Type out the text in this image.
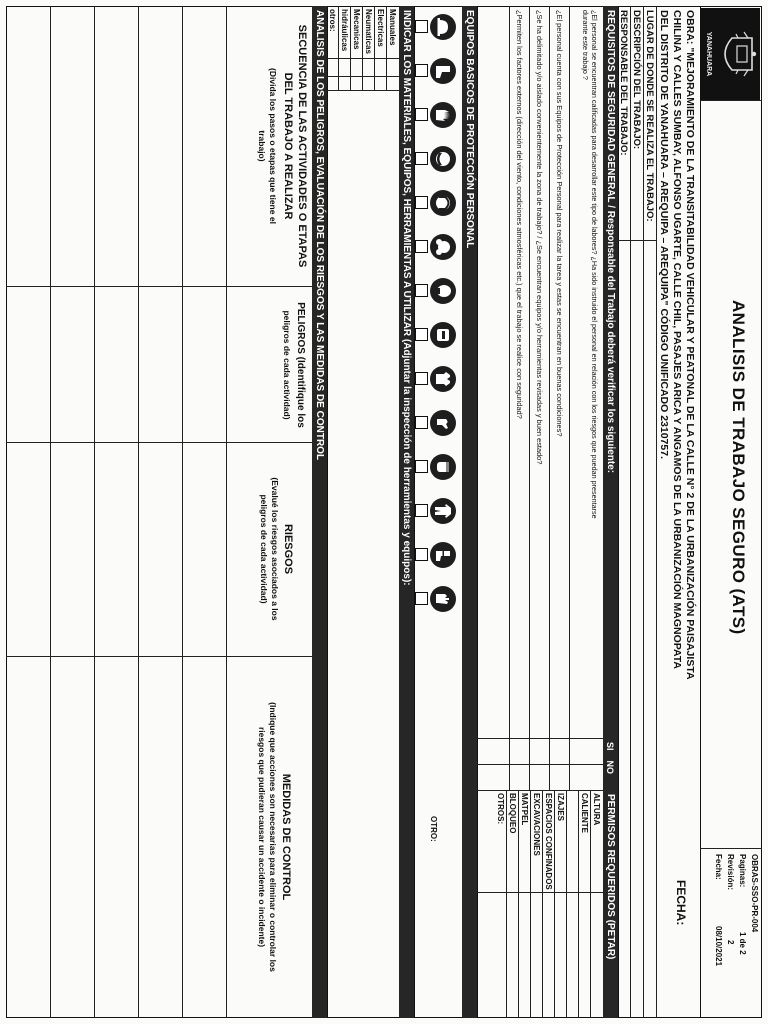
YANAHUARA
ANALISIS DE TRABAJO SEGURO (ATS)
OBRAS-SSO-PR-004
Paginas:
1 de 2
Revisión:
2
Fecha:
08/10/2021
OBRA: "MEJORAMIENTO DE LA TRANSITABILIDAD VEHICULAR Y PEATONAL DE LA CALLE N° 2 DE LA URBANIZACIÓN PAISAJISTA
CHILINA Y CALLES SUMBAY, ALFONSO UGARTE, CALLE CHIL, PASAJES ARICA Y ANGAMOS DE LA URBANIZACIÓN MAGNOPATA
DEL DISTRITO DE YANAHUARA – AREQUIPA – AREQUIPA" CÓDIGO UNIFICADO 2310757.
FECHA:
LUGAR DE DONDE SE REALIZA EL TRABAJO:
DESCRIPCIÓN DEL TRABAJO:
RESPONSABLE DEL TRABAJO:
REQUISITOS DE SEGURIDAD GENERAL / Responsable del Trabajo deberá verificar los siguiente:
SI
NO
PERMISOS REQUERIDOS (PETAR)
¿El personal se encuentran calificadas para desarrollar este tipo de labores? ¿Ha sido instruido el personal en relación con los riesgos que puedan presentarse
durante este trabajo ?
¿El personal cuenta con sus Equipos de Protección Personal para realizar la tarea y estas se encuentran en buenas condiciones?
¿Se ha delimitado y/o aislado convenientemente la zona de trabajo? / ¿Se encuentran equipos y/o herramientas revisadas y buen estado?
¿Permiten los factores externos (dirección del viento, condiciones atmosféricas etc.) que el trabajo se realice con seguridad?
ALTURA
CALIENTE
IZAJES
ESPACIOS CONFINADOS
EXCAVACIONES
MATPEL
BLOQUEO
OTROS:
EQUIPOS BASICOS DE PROTECCIÓN PERSONAL
OTRO:
INDICAR LOS MATERIALES, EQUIPOS, HERRAMIENTAS A UTILIZAR (Adjuntar la inspección de herramientas y equipos):
Manuales
Electricas
Neumaticas
Mecanicas
hidráulicas
otros:
ANALISIS DE LOS PELIGROS, EVALUACIÓN DE LOS RIESGOS Y LAS MEDIDAS DE CONTROL
SECUENCIA DE LAS ACTIVIDADES O ETAPAS
DEL TRABAJO A REALIZAR
(Divida los pasos o etapas que tiene el
trabajo)
PELIGROS (Identifique los
peligros de cada actividad)
RIESGOS
(Evalué los riesgos asociados a los
peligros de cada actividad)
MEDIDAS DE CONTROL
(Indique que acciones son necesarias para eliminar o controlar los
riesgos que pudieran causar un accidente o incidente)
